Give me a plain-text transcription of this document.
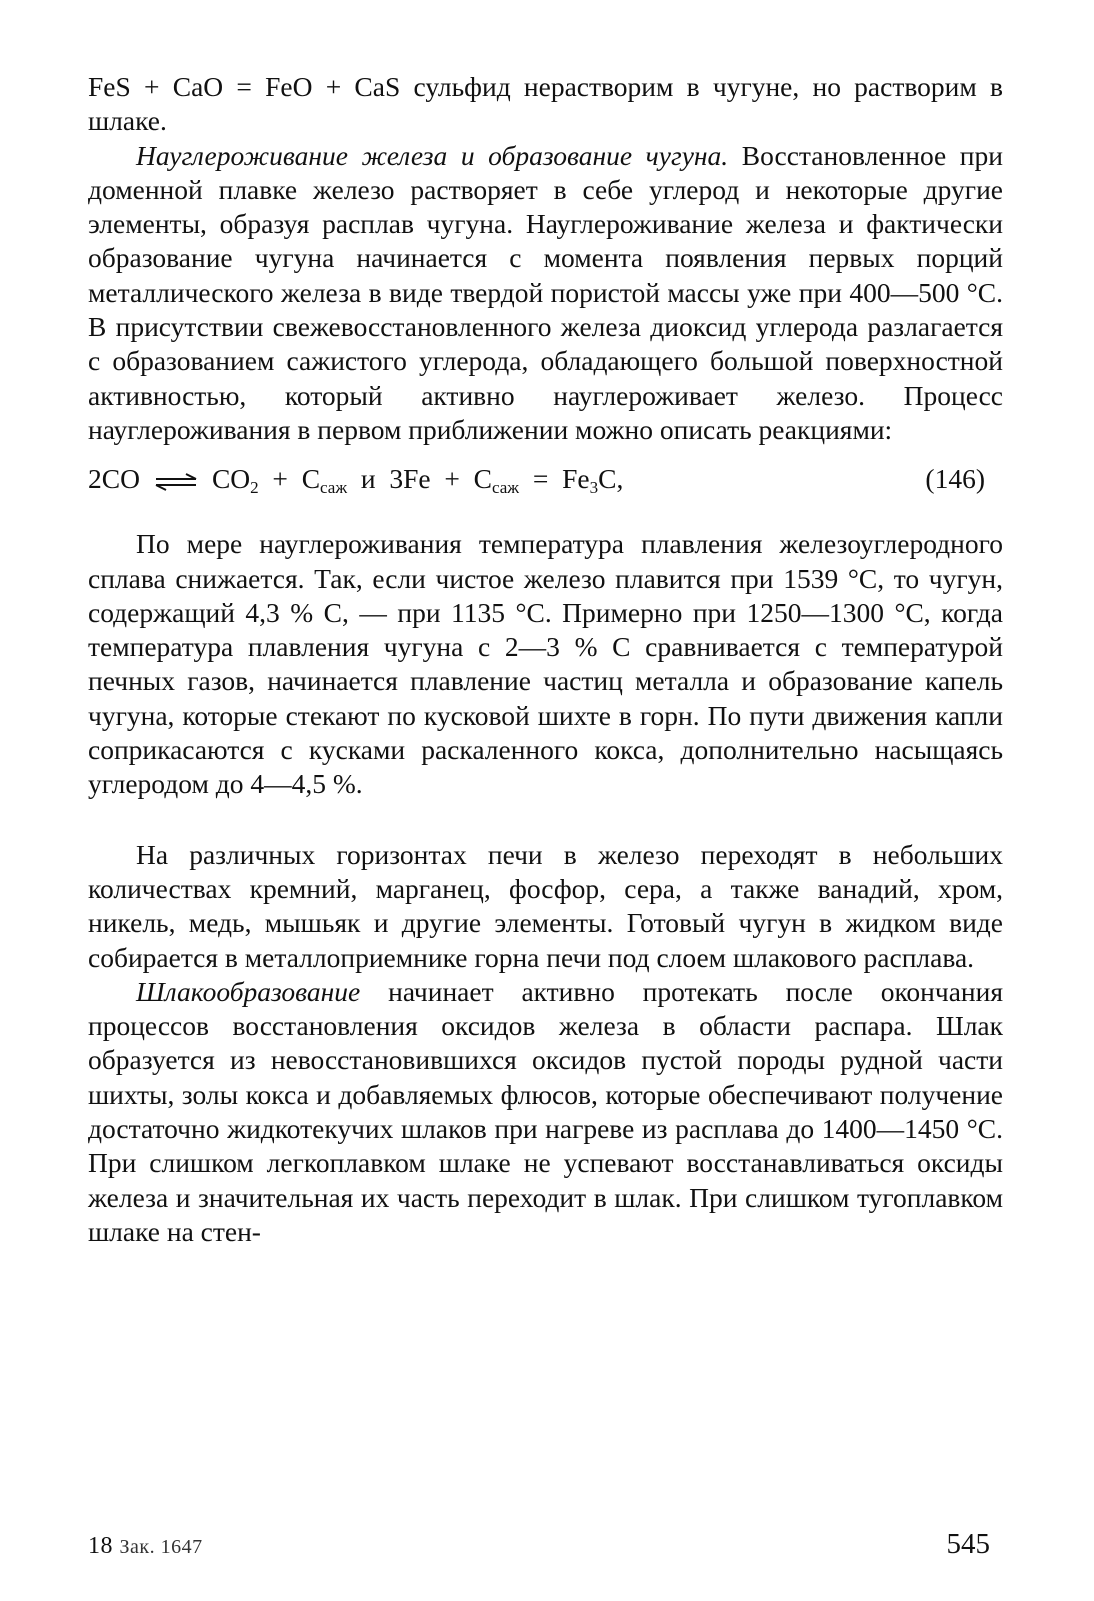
FeS + CaO = FeO + CaS сульфид нерастворим в чугуне, но растворим в шлаке.

Науглероживание железа и образование чугуна. Восстановленное при доменной плавке железо растворяет в себе углерод и некоторые другие элементы, образуя расплав чугуна. Науглероживание железа и фактически образование чугуна начинается с момента появления первых порций металлического железа в виде твердой пористой массы уже при 400—500 °С. В присутствии свежевосстановленного железа диоксид углерода разлагается с образованием сажистого углерода, обладающего большой поверхностной активностью, который активно науглероживает железо. Процесс науглероживания в первом приближении можно описать реакциями:

2CO ⇌ $CO_2 + C_{саж}$ и $3Fe + C_{саж} = Fe_3C$,	(146)

По мере науглероживания температура плавления железоуглеродного сплава снижается. Так, если чистое железо плавится при 1539 °С, то чугун, содержащий 4,3 % С, — при 1135 °С. Примерно при 1250—1300 °С, когда температура плавления чугуна с 2—3 % С сравнивается с температурой печных газов, начинается плавление частиц металла и образование капель чугуна, которые стекают по кусковой шихте в горн. По пути движения капли соприкасаются с кусками раскаленного кокса, дополнительно насыщаясь углеродом до 4—4,5 %.

На различных горизонтах печи в железо переходят в небольших количествах кремний, марганец, фосфор, сера, а также ванадий, хром, никель, медь, мышьяк и другие элементы. Готовый чугун в жидком виде собирается в металлоприемнике горна печи под слоем шлакового расплава.

Шлакообразование начинает активно протекать после окончания процессов восстановления оксидов железа в области распара. Шлак образуется из невосстановившихся оксидов пустой породы рудной части шихты, золы кокса и добавляемых флюсов, которые обеспечивают получение достаточно жидкотекучих шлаков при нагреве из расплава до 1400—1450 °С. При слишком легкоплавком шлаке не успевают восстанавливаться оксиды железа и значительная их часть переходит в шлак. При слишком тугоплавком шлаке на стен-

18 Зак. 1647	545
